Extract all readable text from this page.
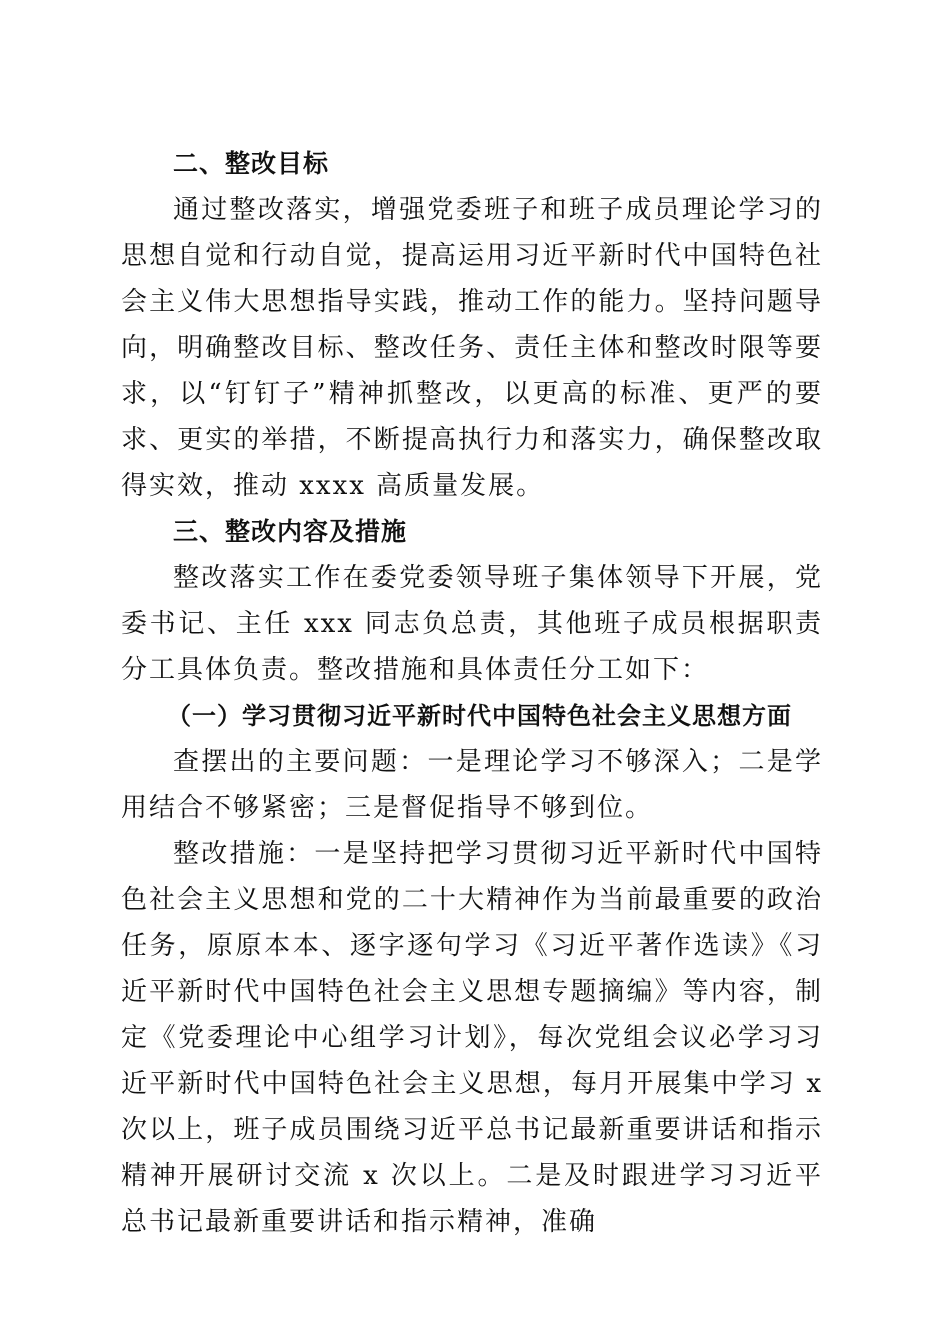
二、整改目标

通过整改落实，增强党委班子和班子成员理论学习的思想自觉和行动自觉，提高运用习近平新时代中国特色社会主义伟大思想指导实践，推动工作的能力。坚持问题导向，明确整改目标、整改任务、责任主体和整改时限等要求，以“钉钉子”精神抓整改，以更高的标准、更严的要求、更实的举措，不断提高执行力和落实力，确保整改取得实效，推动 xxxx 高质量发展。

三、整改内容及措施

整改落实工作在委党委领导班子集体领导下开展，党委书记、主任 xxx 同志负总责，其他班子成员根据职责分工具体负责。整改措施和具体责任分工如下：

（一）学习贯彻习近平新时代中国特色社会主义思想方面

查摆出的主要问题：一是理论学习不够深入；二是学用结合不够紧密；三是督促指导不够到位。

整改措施：一是坚持把学习贯彻习近平新时代中国特色社会主义思想和党的二十大精神作为当前最重要的政治任务，原原本本、逐字逐句学习《习近平著作选读》《习近平新时代中国特色社会主义思想专题摘编》等内容，制定《党委理论中心组学习计划》，每次党组会议必学习习近平新时代中国特色社会主义思想，每月开展集中学习 x 次以上，班子成员围绕习近平总书记最新重要讲话和指示精神开展研讨交流 x 次以上。二是及时跟进学习习近平总书记最新重要讲话和指示精神，准确
